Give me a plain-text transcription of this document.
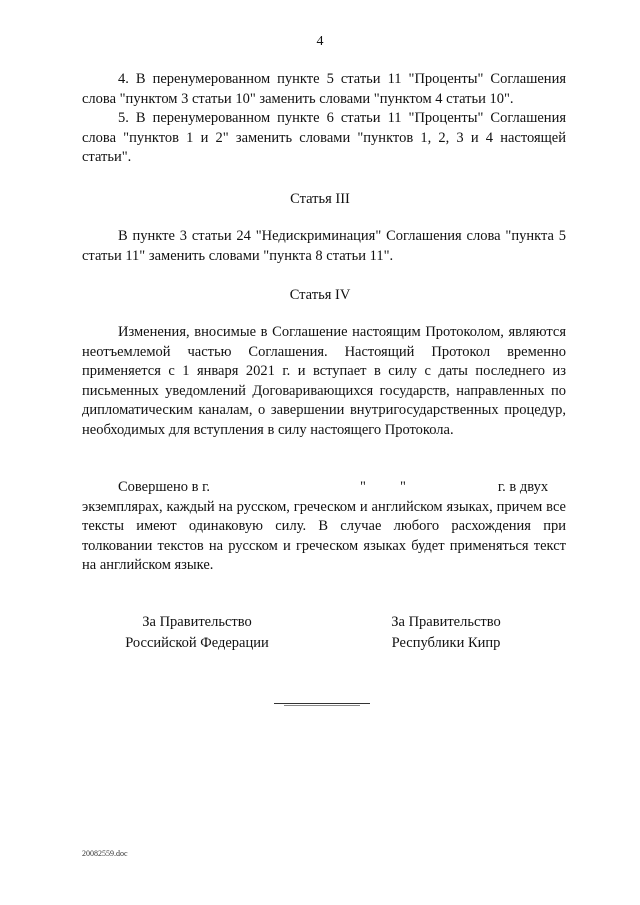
4

4. В перенумерованном пункте 5 статьи 11 "Проценты" Соглашения слова "пунктом 3 статьи 10" заменить словами "пунктом 4 статьи 10".

5. В перенумерованном пункте 6 статьи 11 "Проценты" Соглашения слова "пунктов 1 и 2" заменить словами "пунктов 1, 2, 3 и 4 настоящей статьи".

Статья III

В пункте 3 статьи 24 "Недискриминация" Соглашения слова "пункта 5 статьи 11" заменить словами "пункта 8 статьи 11".

Статья IV

Изменения, вносимые в Соглашение настоящим Протоколом, являются неотъемлемой частью Соглашения. Настоящий Протокол временно применяется с 1 января 2021 г. и вступает в силу с даты последнего из письменных уведомлений Договаривающихся государств, направленных по дипломатическим каналам, о завершении внутригосударственных процедур, необходимых для вступления в силу настоящего Протокола.

Совершено в г.	" "	г. в двух

экземплярах, каждый на русском, греческом и английском языках, причем все тексты имеют одинаковую силу. В случае любого расхождения при толковании текстов на русском и греческом языках будет применяться текст на английском языке.

За Правительство
Российской Федерации
За Правительство
Республики Кипр
20082559.doc
